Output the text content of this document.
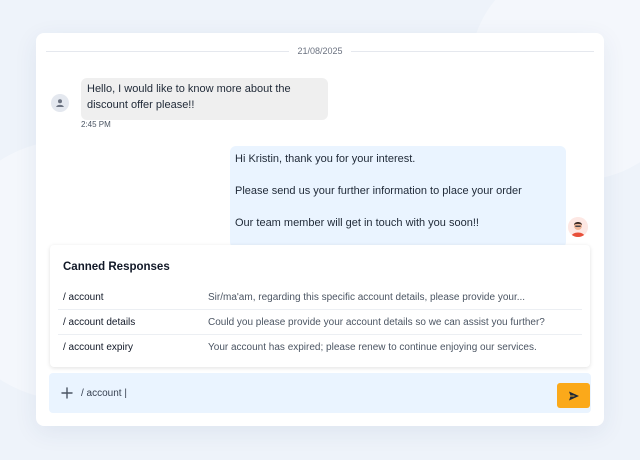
21/08/2025
Hello, I would like to know more about the discount offer please!!
2:45 PM

Hi Kristin, thank you for your interest.

Please send us your further information to place your order

Our team member will get in touch with you soon!!

Canned Responses
/ account	Sir/ma'am, regarding this specific account details, please provide your...
/ account details	Could you please provide your account details so we can assist you further?
/ account expiry	Your account has expired; please renew to continue enjoying our services.
/ account |
